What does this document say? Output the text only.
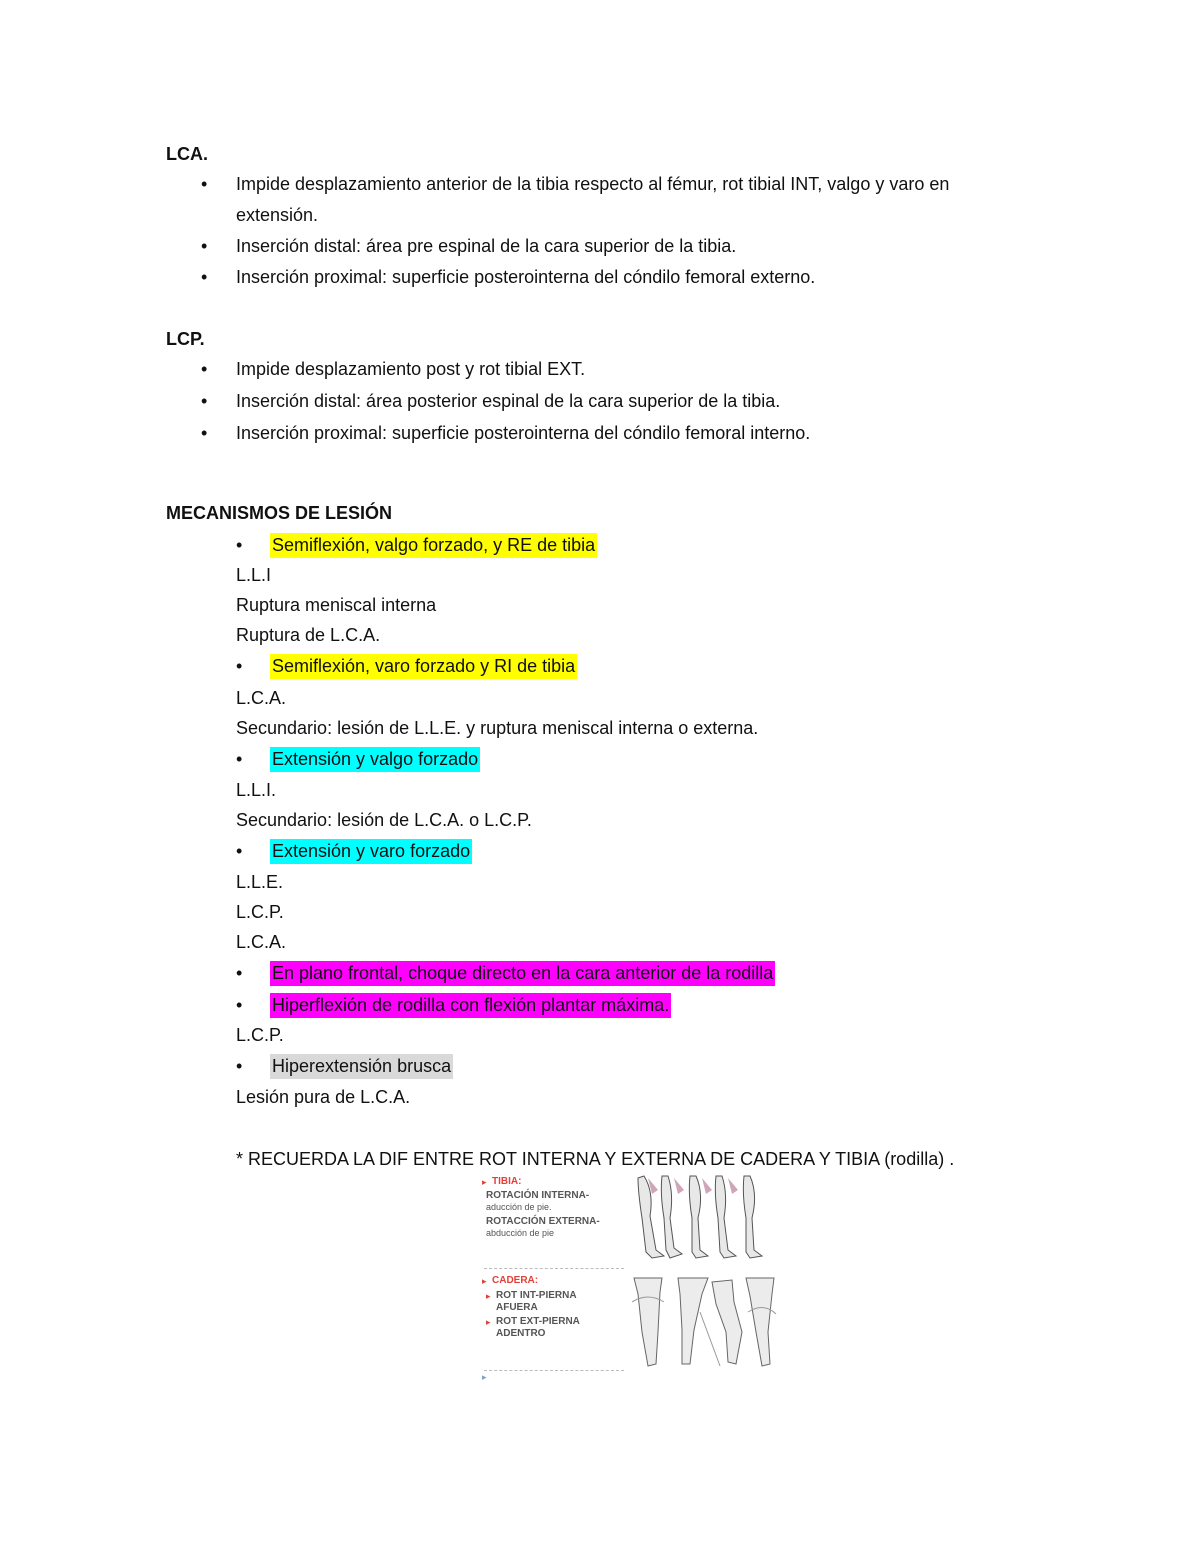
LCA.
• Impide desplazamiento anterior de la tibia respecto al fémur, rot tibial INT, valgo y varo en
extensión.
• Inserción distal: área pre espinal de la cara superior de la tibia.
• Inserción proximal: superficie posterointerna del cóndilo femoral externo.
LCP.
• Impide desplazamiento post y rot tibial EXT.
• Inserción distal: área posterior espinal de la cara superior de la tibia.
• Inserción proximal: superficie posterointerna del cóndilo femoral interno.
MECANISMOS DE LESIÓN
• Semiflexión, valgo forzado, y RE de tibia
L.L.I
Ruptura meniscal interna
Ruptura de L.C.A.
• Semiflexión, varo forzado y RI de tibia
L.C.A.
Secundario: lesión de L.L.E. y ruptura meniscal interna o externa.
• Extensión y valgo forzado
L.L.I.
Secundario: lesión de L.C.A. o L.C.P.
• Extensión y varo forzado
L.L.E.
L.C.P.
L.C.A.
• En plano frontal, choque directo en la cara anterior de la rodilla
• Hiperflexión de rodilla con flexión plantar máxima.
L.C.P.
• Hiperextensión brusca
Lesión pura de L.C.A.
* RECUERDA LA DIF ENTRE ROT INTERNA Y EXTERNA DE CADERA Y TIBIA (rodilla) .
▸ TIBIA:
ROTACIÓN INTERNA-
aducción de pie.
ROTACCIÓN EXTERNA-
abducción de pie
▸ CADERA:
▸ ROT INT-PIERNA
AFUERA
▸ ROT EXT-PIERNA
ADENTRO
▸
